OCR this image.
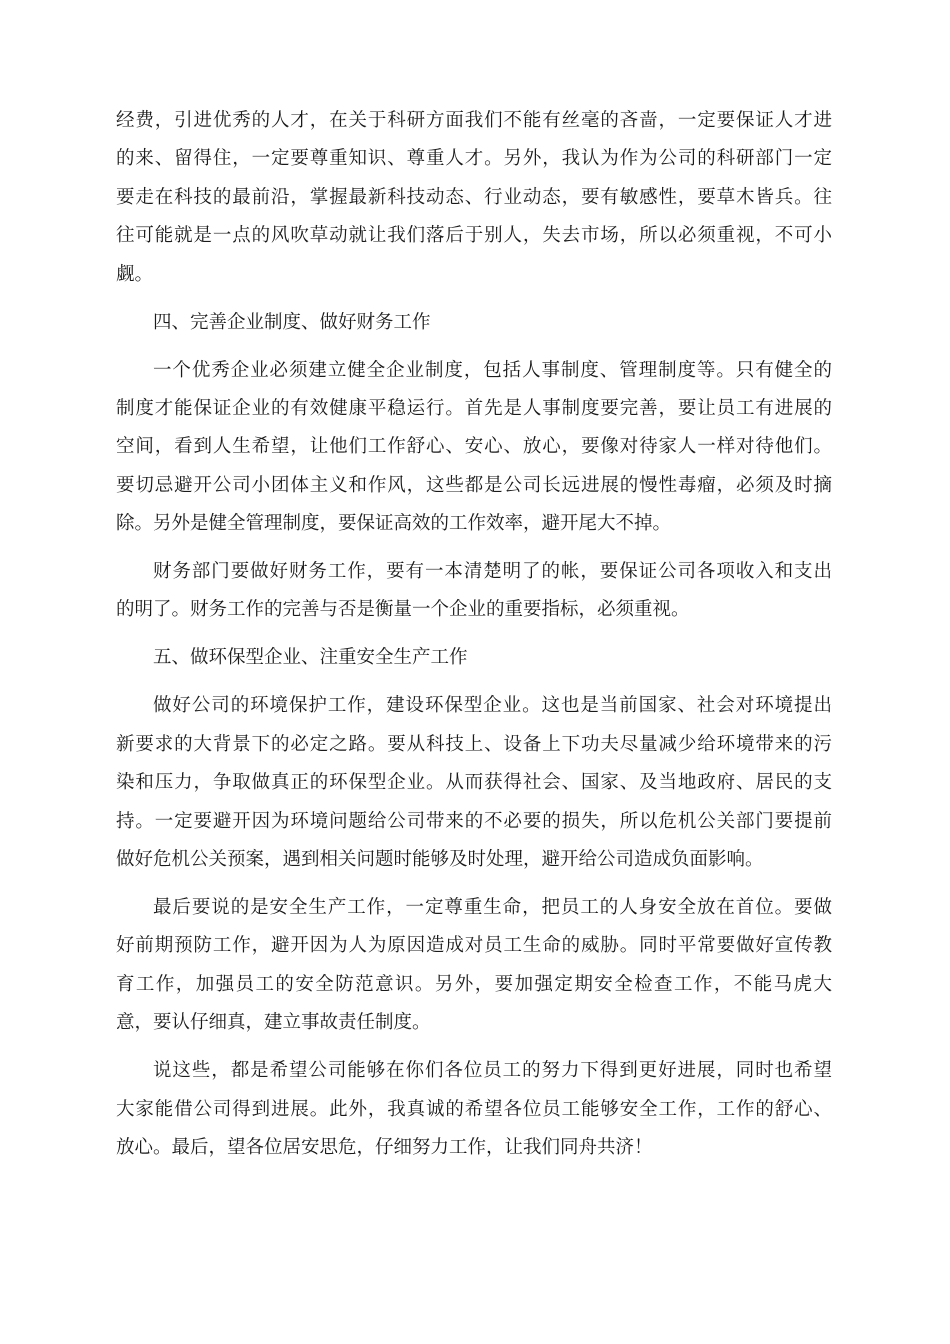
经费，引进优秀的人才，在关于科研方面我们不能有丝毫的吝啬，一定要保证人才进
的来、留得住，一定要尊重知识、尊重人才。另外，我认为作为公司的科研部门一定
要走在科技的最前沿，掌握最新科技动态、行业动态，要有敏感性，要草木皆兵。往
往可能就是一点的风吹草动就让我们落后于别人，失去市场，所以必须重视，不可小
觑。
四、完善企业制度、做好财务工作
一个优秀企业必须建立健全企业制度，包括人事制度、管理制度等。只有健全的
制度才能保证企业的有效健康平稳运行。首先是人事制度要完善，要让员工有进展的
空间，看到人生希望，让他们工作舒心、安心、放心，要像对待家人一样对待他们。
要切忌避开公司小团体主义和作风，这些都是公司长远进展的慢性毒瘤，必须及时摘
除。另外是健全管理制度，要保证高效的工作效率，避开尾大不掉。
财务部门要做好财务工作，要有一本清楚明了的帐，要保证公司各项收入和支出
的明了。财务工作的完善与否是衡量一个企业的重要指标，必须重视。
五、做环保型企业、注重安全生产工作
做好公司的环境保护工作，建设环保型企业。这也是当前国家、社会对环境提出
新要求的大背景下的必定之路。要从科技上、设备上下功夫尽量减少给环境带来的污
染和压力，争取做真正的环保型企业。从而获得社会、国家、及当地政府、居民的支
持。一定要避开因为环境问题给公司带来的不必要的损失，所以危机公关部门要提前
做好危机公关预案，遇到相关问题时能够及时处理，避开给公司造成负面影响。
最后要说的是安全生产工作，一定尊重生命，把员工的人身安全放在首位。要做
好前期预防工作，避开因为人为原因造成对员工生命的威胁。同时平常要做好宣传教
育工作，加强员工的安全防范意识。另外，要加强定期安全检查工作，不能马虎大
意，要认仔细真，建立事故责任制度。
说这些，都是希望公司能够在你们各位员工的努力下得到更好进展，同时也希望
大家能借公司得到进展。此外，我真诚的希望各位员工能够安全工作，工作的舒心、
放心。最后，望各位居安思危，仔细努力工作，让我们同舟共济！
